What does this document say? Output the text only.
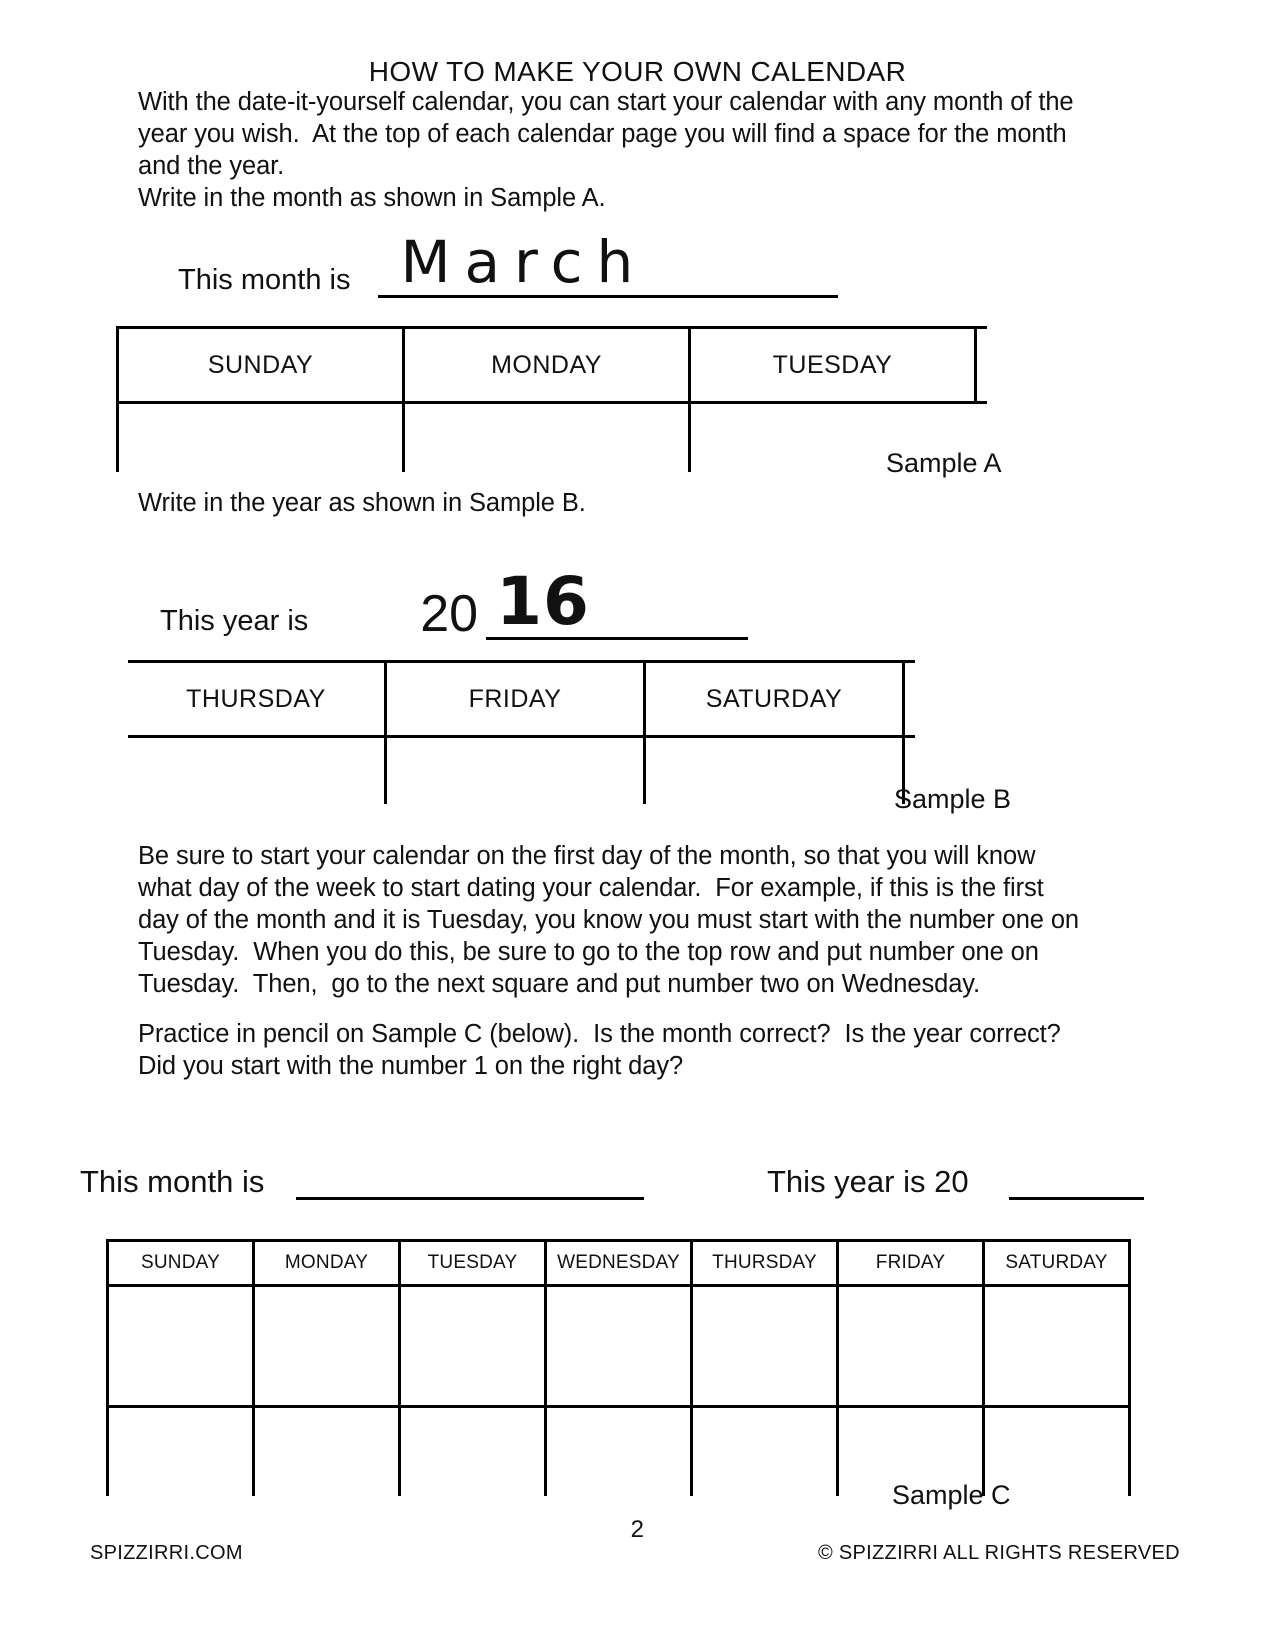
HOW TO MAKE YOUR OWN CALENDAR
With the date-it-yourself calendar, you can start your calendar with any month of the year you wish.  At the top of each calendar page you will find a space for the month and the year.
Write in the month as shown in Sample A.
This month is March
SUNDAY	MONDAY	TUESDAY	

Sample A
Write in the year as shown in Sample B.
This year is 20 16
THURSDAY	FRIDAY	SATURDAY	

Sample B
Be sure to start your calendar on the first day of the month, so that you will know what day of the week to start dating your calendar.  For example, if this is the first day of the month and it is Tuesday, you know you must start with the number one on Tuesday.  When you do this, be sure to go to the top row and put number one on Tuesday.  Then,  go to the next square and put number two on Wednesday.
Practice in pencil on Sample C (below).  Is the month correct?  Is the year correct? Did you start with the number 1 on the right day?
This month is	This year is 20
SUNDAY	MONDAY	TUESDAY	WEDNESDAY	THURSDAY	FRIDAY	SATURDAY

Sample C
SPIZZIRRI.COM
2
© SPIZZIRRI ALL RIGHTS RESERVED
